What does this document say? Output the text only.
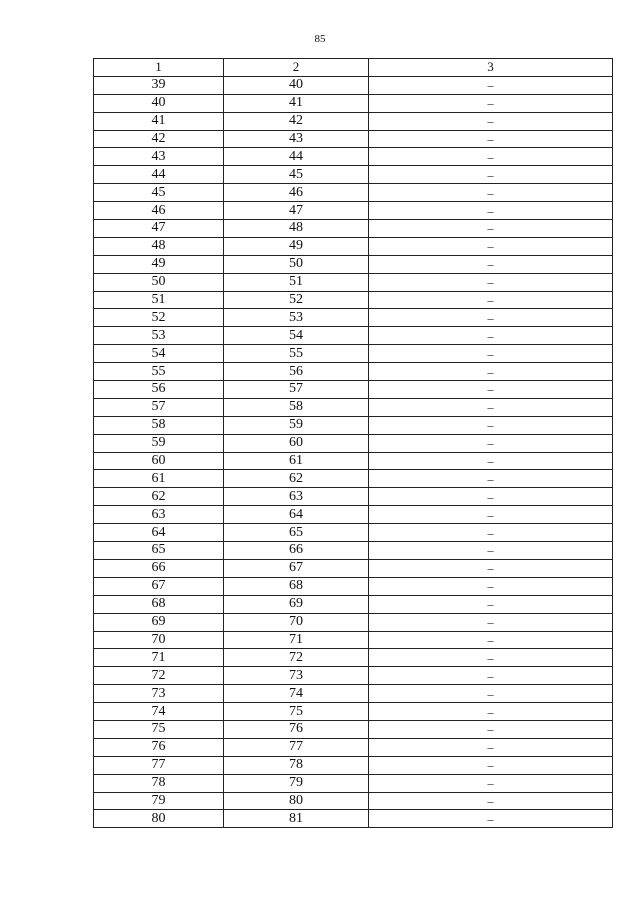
85
1	2	3
39	40	–
40	41	–
41	42	–
42	43	–
43	44	–
44	45	–
45	46	–
46	47	–
47	48	–
48	49	–
49	50	–
50	51	–
51	52	–
52	53	–
53	54	–
54	55	–
55	56	–
56	57	–
57	58	–
58	59	–
59	60	–
60	61	–
61	62	–
62	63	–
63	64	–
64	65	–
65	66	–
66	67	–
67	68	–
68	69	–
69	70	–
70	71	–
71	72	–
72	73	–
73	74	–
74	75	–
75	76	–
76	77	–
77	78	–
78	79	–
79	80	–
80	81	–
